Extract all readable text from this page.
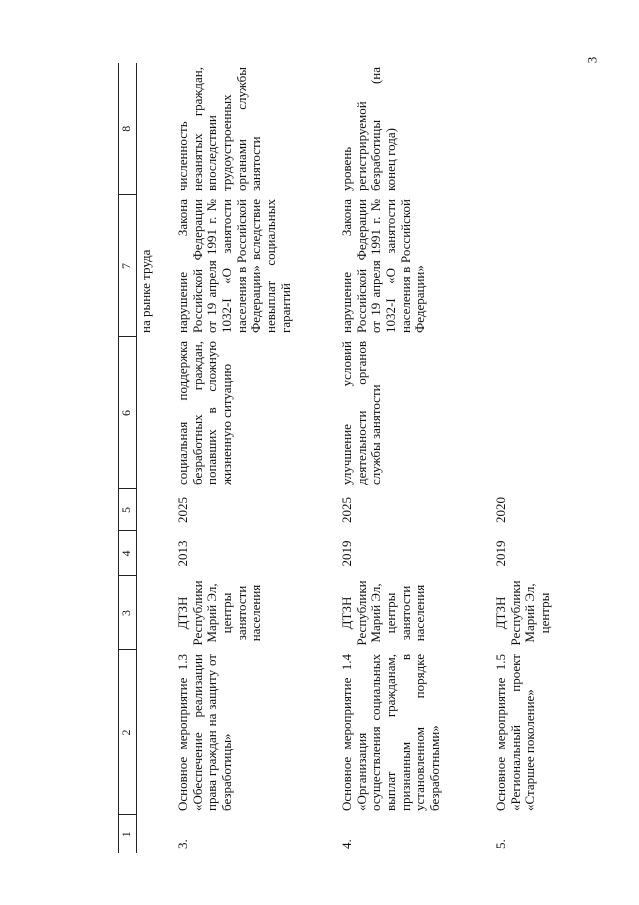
3
1	2	3	4	5	6	7	8
						на рынке труда	
3.	Основное мероприятие 1.3 «Обеспечение реализации права граждан на защиту от безработицы»	ДТЗН Республики Марий Эл, центры занятости населения	2013	2025	социальная поддержка безработных граждан, попавших в сложную жизненную ситуацию	нарушение Закона Российской Федерации от 19 апреля 1991 г. № 1032-I «О занятости населения в Российской Федерации» вследствие невыплат социальных гарантий	численность незанятых граждан, впоследствии трудоустроенных органами службы занятости
4.	Основное мероприятие 1.4 «Организация осуществления социальных выплат гражданам, признанным в установленном порядке безработными»	ДТЗН Республики Марий Эл, центры занятости населения	2019	2025	улучшение условий деятельности органов службы занятости	нарушение Закона Российской Федерации от 19 апреля 1991 г. № 1032-I «О занятости населения в Российской Федерации»	уровень регистрируемой безработицы (на конец года)
5.	Основное мероприятие 1.5 «Региональный проект «Старшее поколение»	ДТЗН Республики Марий Эл, центры	2019	2020			
